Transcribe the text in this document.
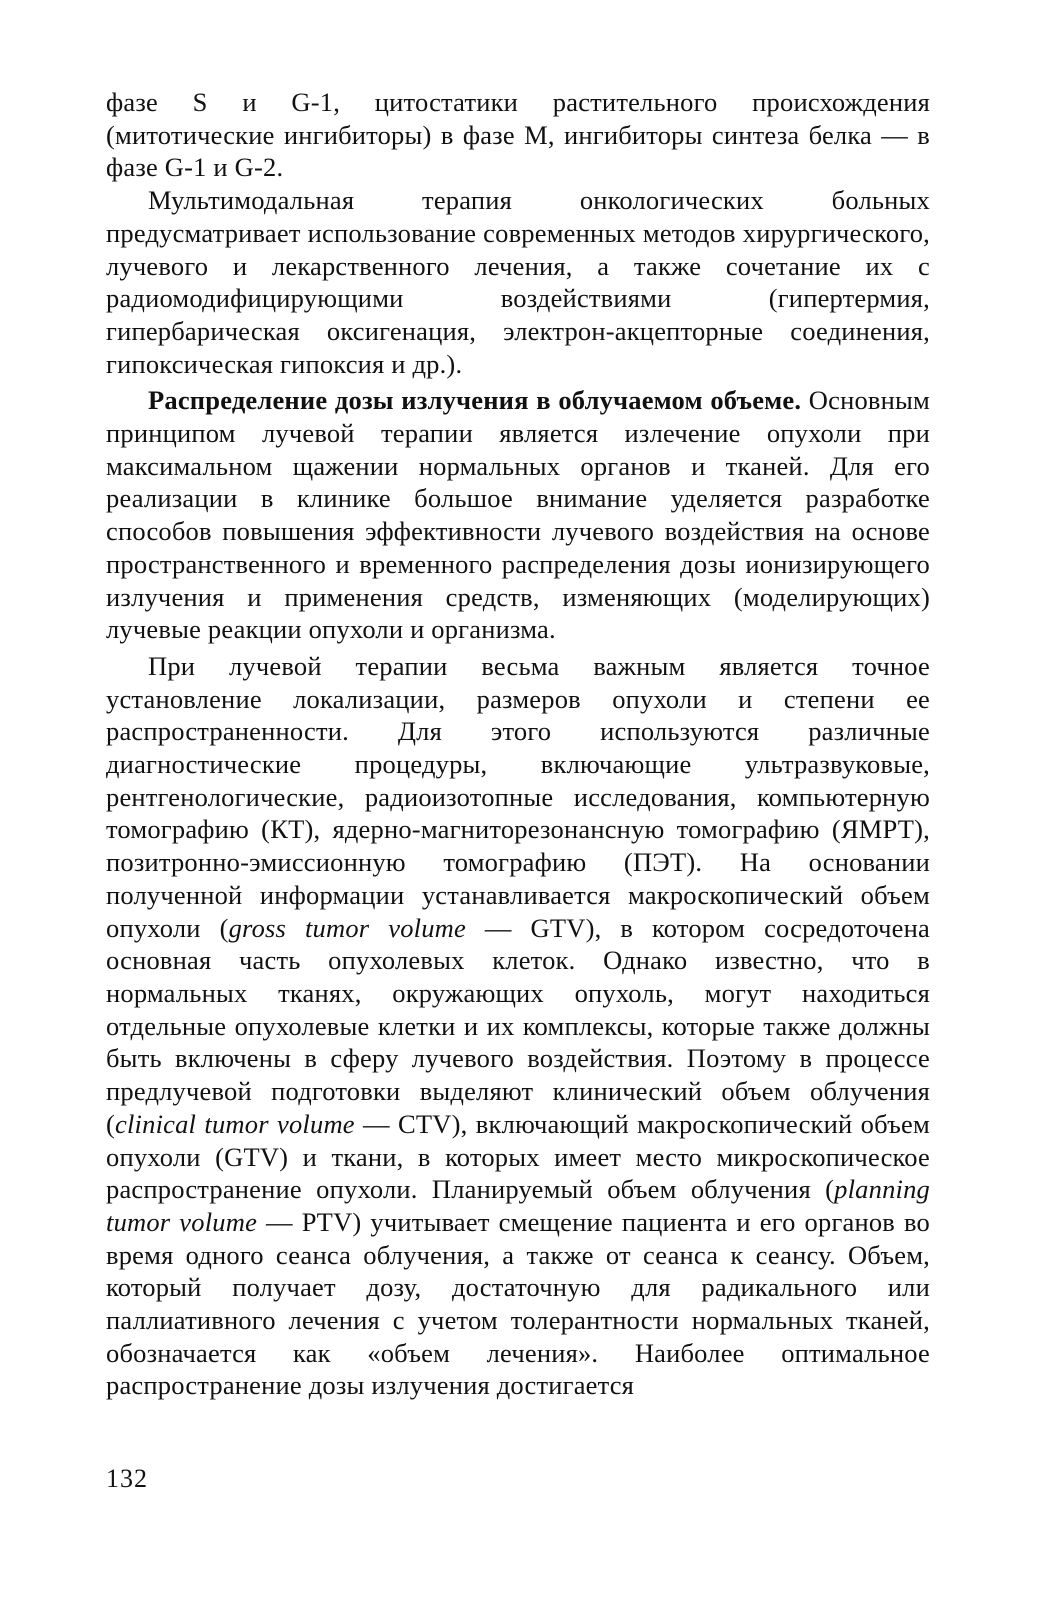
фазе S и G-1, цитостатики растительного происхождения (митотические ингибиторы) в фазе М, ингибиторы синтеза белка — в фазе G-1 и G-2.

Мультимодальная терапия онкологических больных предусматривает использование современных методов хирургического, лучевого и лекарственного лечения, а также сочетание их с радиомодифицирующими воздействиями (гипертермия, гипербарическая оксигенация, электрон-акцепторные соединения, гипоксическая гипоксия и др.).

Распределение дозы излучения в облучаемом объеме. Основным принципом лучевой терапии является излечение опухоли при максимальном щажении нормальных органов и тканей. Для его реализации в клинике большое внимание уделяется разработке способов повышения эффективности лучевого воздействия на основе пространственного и временного распределения дозы ионизирующего излучения и применения средств, изменяющих (моделирующих) лучевые реакции опухоли и организма.

При лучевой терапии весьма важным является точное установление локализации, размеров опухоли и степени ее распространенности. Для этого используются различные диагностические процедуры, включающие ультразвуковые, рентгенологические, радиоизотопные исследования, компьютерную томографию (КТ), ядерно-магниторезонансную томографию (ЯМРТ), позитронно-эмиссионную томографию (ПЭТ). На основании полученной информации устанавливается макроскопический объем опухоли (gross tumor volume — GTV), в котором сосредоточена основная часть опухолевых клеток. Однако известно, что в нормальных тканях, окружающих опухоль, могут находиться отдельные опухолевые клетки и их комплексы, которые также должны быть включены в сферу лучевого воздействия. Поэтому в процессе предлучевой подготовки выделяют клинический объем облучения (clinical tumor volume — CTV), включающий макроскопический объем опухоли (GTV) и ткани, в которых имеет место микроскопическое распространение опухоли. Планируемый объем облучения (planning tumor volume — PTV) учитывает смещение пациента и его органов во время одного сеанса облучения, а также от сеанса к сеансу. Объем, который получает дозу, достаточную для радикального или паллиативного лечения с учетом толерантности нормальных тканей, обозначается как «объем лечения». Наиболее оптимальное распространение дозы излучения достигается

132
